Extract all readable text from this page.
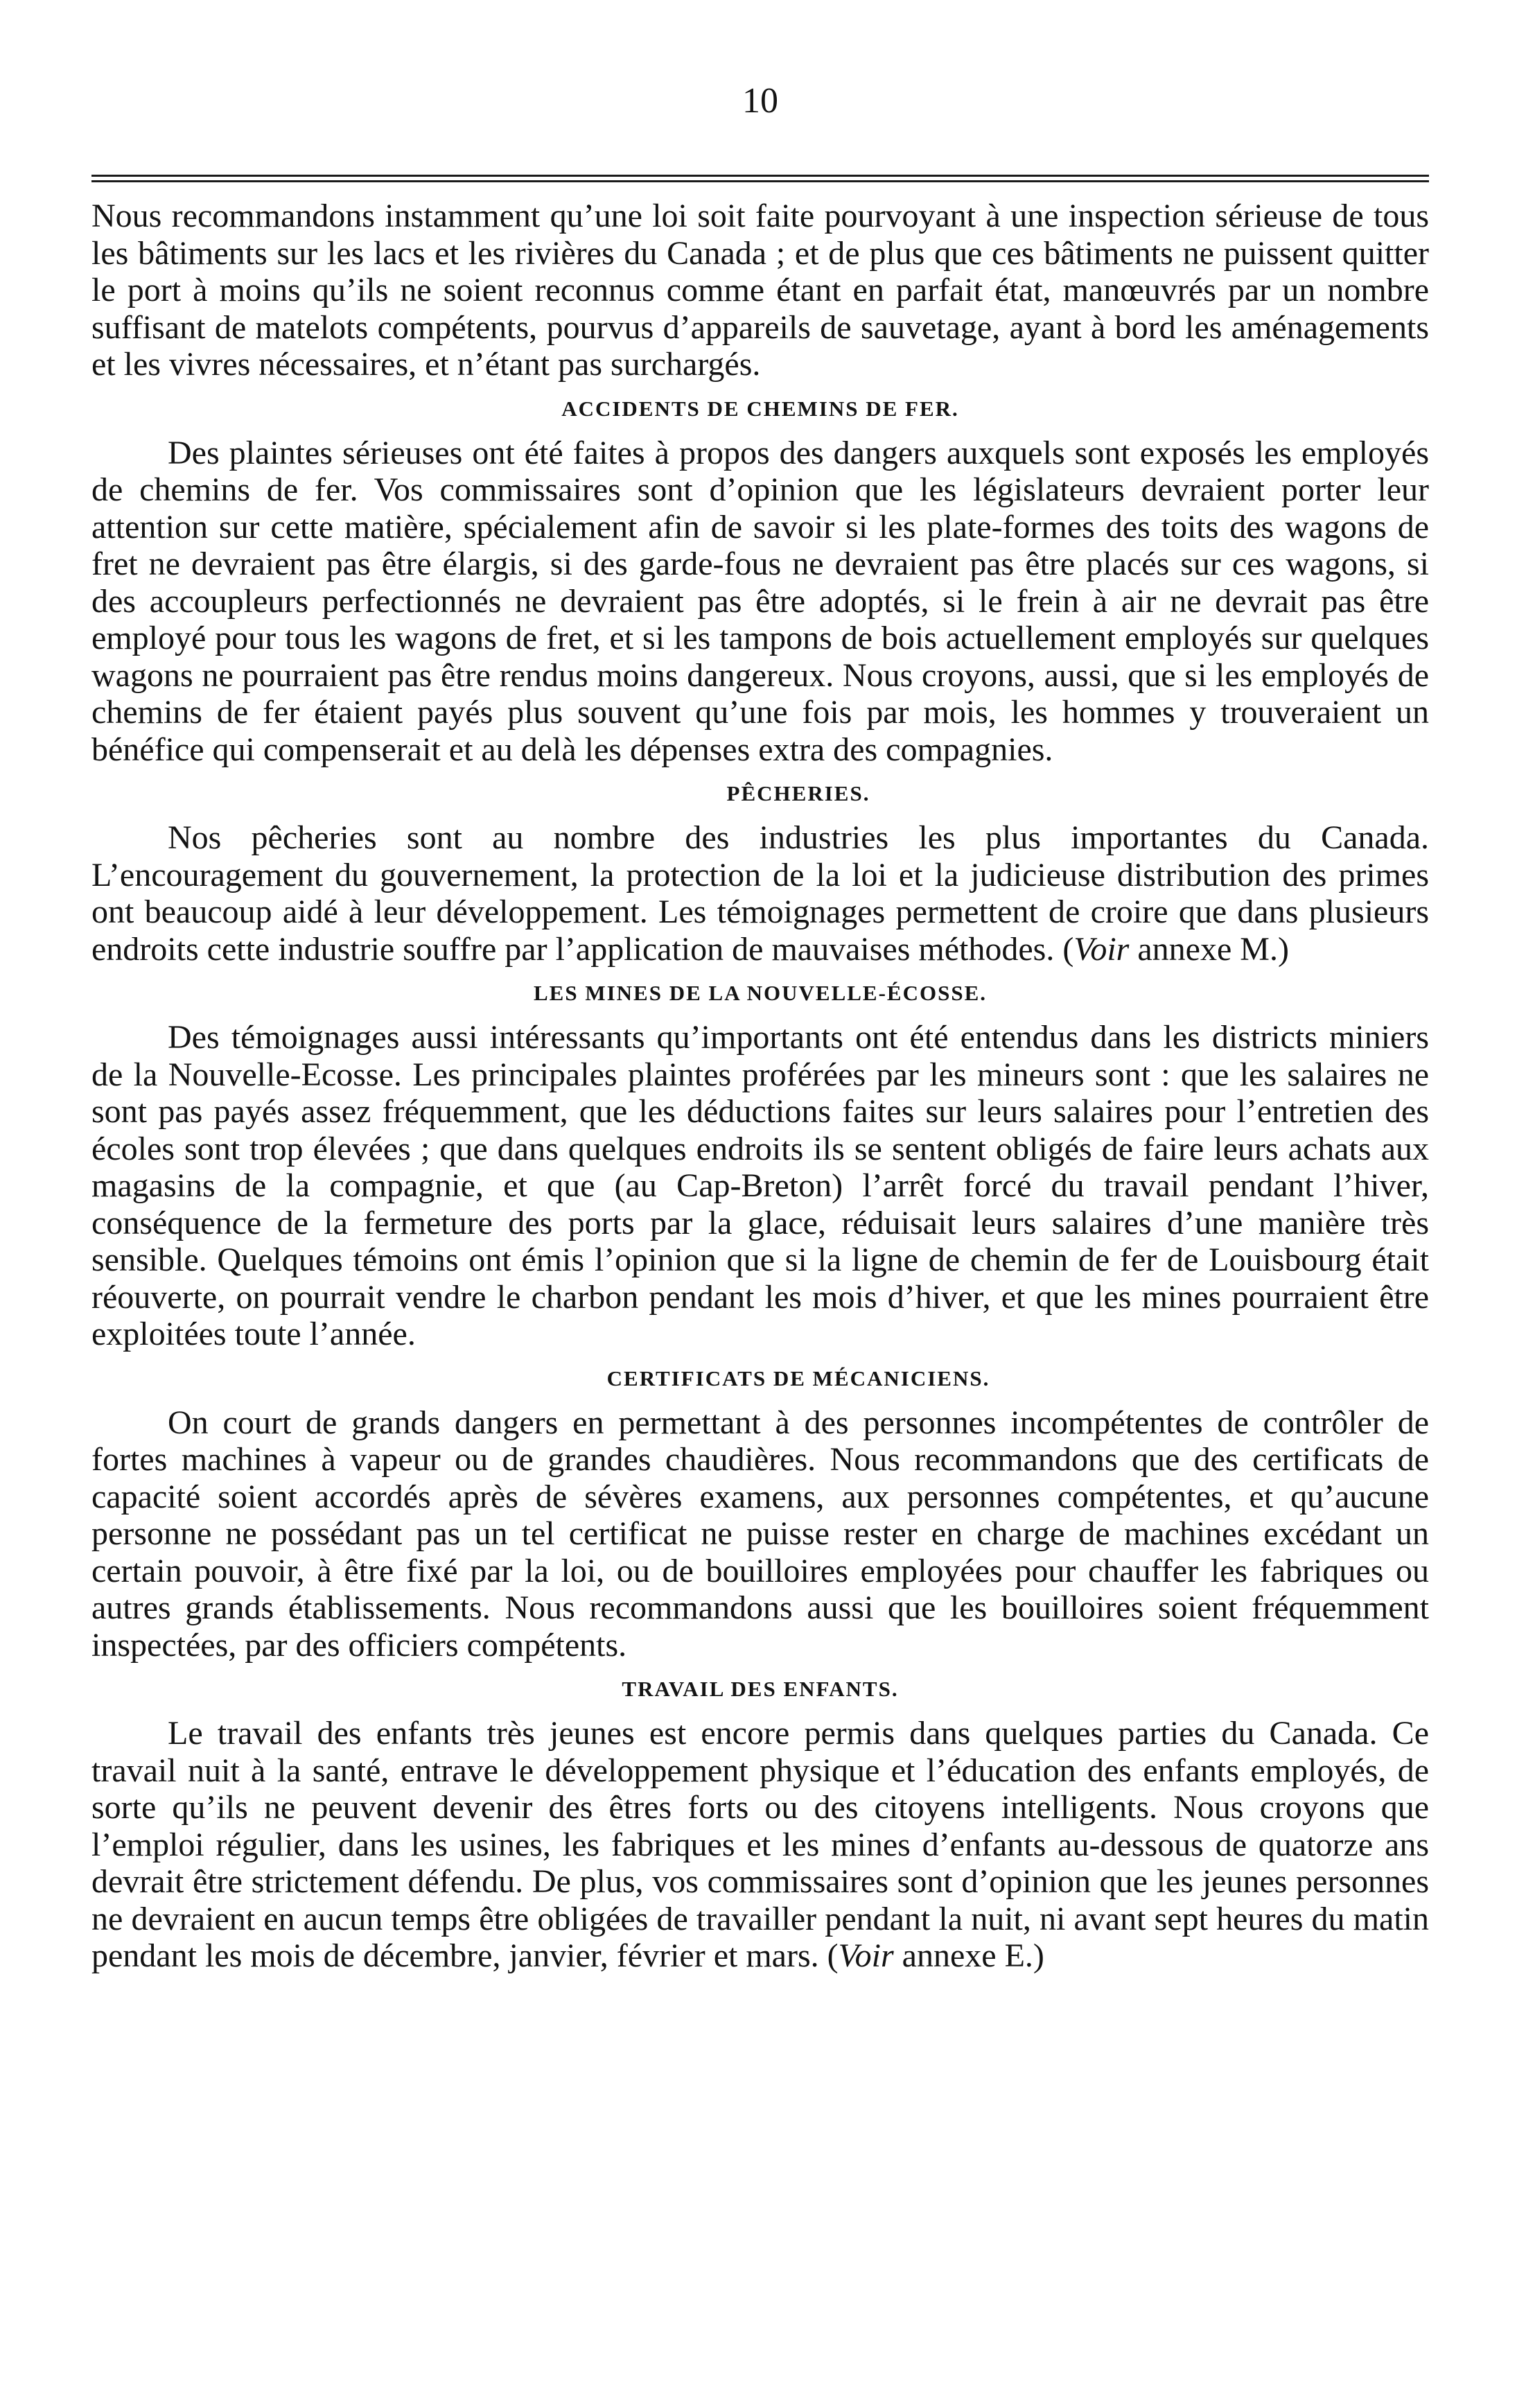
10

Nous recommandons instamment qu’une loi soit faite pourvoyant à une inspection sérieuse de tous les bâtiments sur les lacs et les rivières du Canada ; et de plus que ces bâtiments ne puissent quitter le port à moins qu’ils ne soient reconnus comme étant en parfait état, manœuvrés par un nombre suffisant de matelots compétents, pourvus d’appareils de sauvetage, ayant à bord les aménagements et les vivres nécessaires, et n’étant pas surchargés.

ACCIDENTS DE CHEMINS DE FER.

Des plaintes sérieuses ont été faites à propos des dangers auxquels sont exposés les employés de chemins de fer. Vos commissaires sont d’opinion que les législateurs devraient porter leur attention sur cette matière, spécialement afin de savoir si les plate-formes des toits des wagons de fret ne devraient pas être élargis, si des garde-fous ne devraient pas être placés sur ces wagons, si des accoupleurs perfectionnés ne devraient pas être adoptés, si le frein à air ne devrait pas être employé pour tous les wagons de fret, et si les tampons de bois actuellement employés sur quelques wagons ne pourraient pas être rendus moins dangereux. Nous croyons, aussi, que si les employés de chemins de fer étaient payés plus souvent qu’une fois par mois, les hommes y trouveraient un bénéfice qui compenserait et au delà les dépenses extra des compagnies.

PÊCHERIES.

Nos pêcheries sont au nombre des industries les plus importantes du Canada. L’encouragement du gouvernement, la protection de la loi et la judicieuse distribution des primes ont beaucoup aidé à leur développement. Les témoignages permettent de croire que dans plusieurs endroits cette industrie souffre par l’application de mauvaises méthodes. (Voir annexe M.)

LES MINES DE LA NOUVELLE-ÉCOSSE.

Des témoignages aussi intéressants qu’importants ont été entendus dans les districts miniers de la Nouvelle-Ecosse. Les principales plaintes proférées par les mineurs sont : que les salaires ne sont pas payés assez fréquemment, que les déductions faites sur leurs salaires pour l’entretien des écoles sont trop élevées ; que dans quelques endroits ils se sentent obligés de faire leurs achats aux magasins de la compagnie, et que (au Cap-Breton) l’arrêt forcé du travail pendant l’hiver, conséquence de la fermeture des ports par la glace, réduisait leurs salaires d’une manière très sensible. Quelques témoins ont émis l’opinion que si la ligne de chemin de fer de Louisbourg était réouverte, on pourrait vendre le charbon pendant les mois d’hiver, et que les mines pourraient être exploitées toute l’année.

CERTIFICATS DE MÉCANICIENS.

On court de grands dangers en permettant à des personnes incompétentes de contrôler de fortes machines à vapeur ou de grandes chaudières. Nous recommandons que des certificats de capacité soient accordés après de sévères examens, aux personnes compétentes, et qu’aucune personne ne possédant pas un tel certificat ne puisse rester en charge de machines excédant un certain pouvoir, à être fixé par la loi, ou de bouilloires employées pour chauffer les fabriques ou autres grands établissements. Nous recommandons aussi que les bouilloires soient fréquemment inspectées, par des officiers compétents.

TRAVAIL DES ENFANTS.

Le travail des enfants très jeunes est encore permis dans quelques parties du Canada. Ce travail nuit à la santé, entrave le développement physique et l’éducation des enfants employés, de sorte qu’ils ne peuvent devenir des êtres forts ou des citoyens intelligents. Nous croyons que l’emploi régulier, dans les usines, les fabriques et les mines d’enfants au-dessous de quatorze ans devrait être strictement défendu. De plus, vos commissaires sont d’opinion que les jeunes personnes ne devraient en aucun temps être obligées de travailler pendant la nuit, ni avant sept heures du matin pendant les mois de décembre, janvier, février et mars. (Voir annexe E.)
